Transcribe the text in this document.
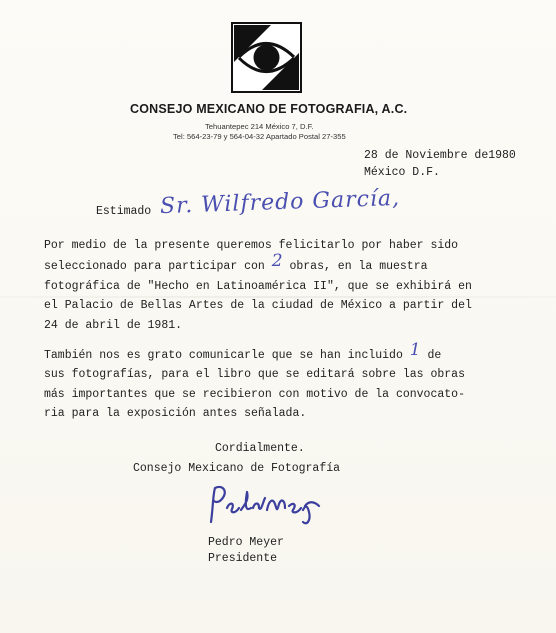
CONSEJO MEXICANO DE FOTOGRAFIA, A.C.
Tehuantepec 214 México 7, D.F.
Tel: 564-23-79 y 564-04-32 Apartado Postal 27-355
28 de Noviembre de1980
México D.F.
Estimado Sr. Wilfredo García,
Por medio de la presente queremos felicitarlo por haber sido
seleccionado para participar con 2 obras, en la muestra
fotográfica de "Hecho en Latinoamérica II", que se exhibirá en
el Palacio de Bellas Artes de la ciudad de México a partir del
24 de abril de 1981.
También nos es grato comunicarle que se han incluido 1 de
sus fotografías, para el libro que se editará sobre las obras
más importantes que se recibieron con motivo de la convocato-
ria para la exposición antes señalada.
Cordialmente.
Consejo Mexicano de Fotografía
Pedro Meyer
Presidente
